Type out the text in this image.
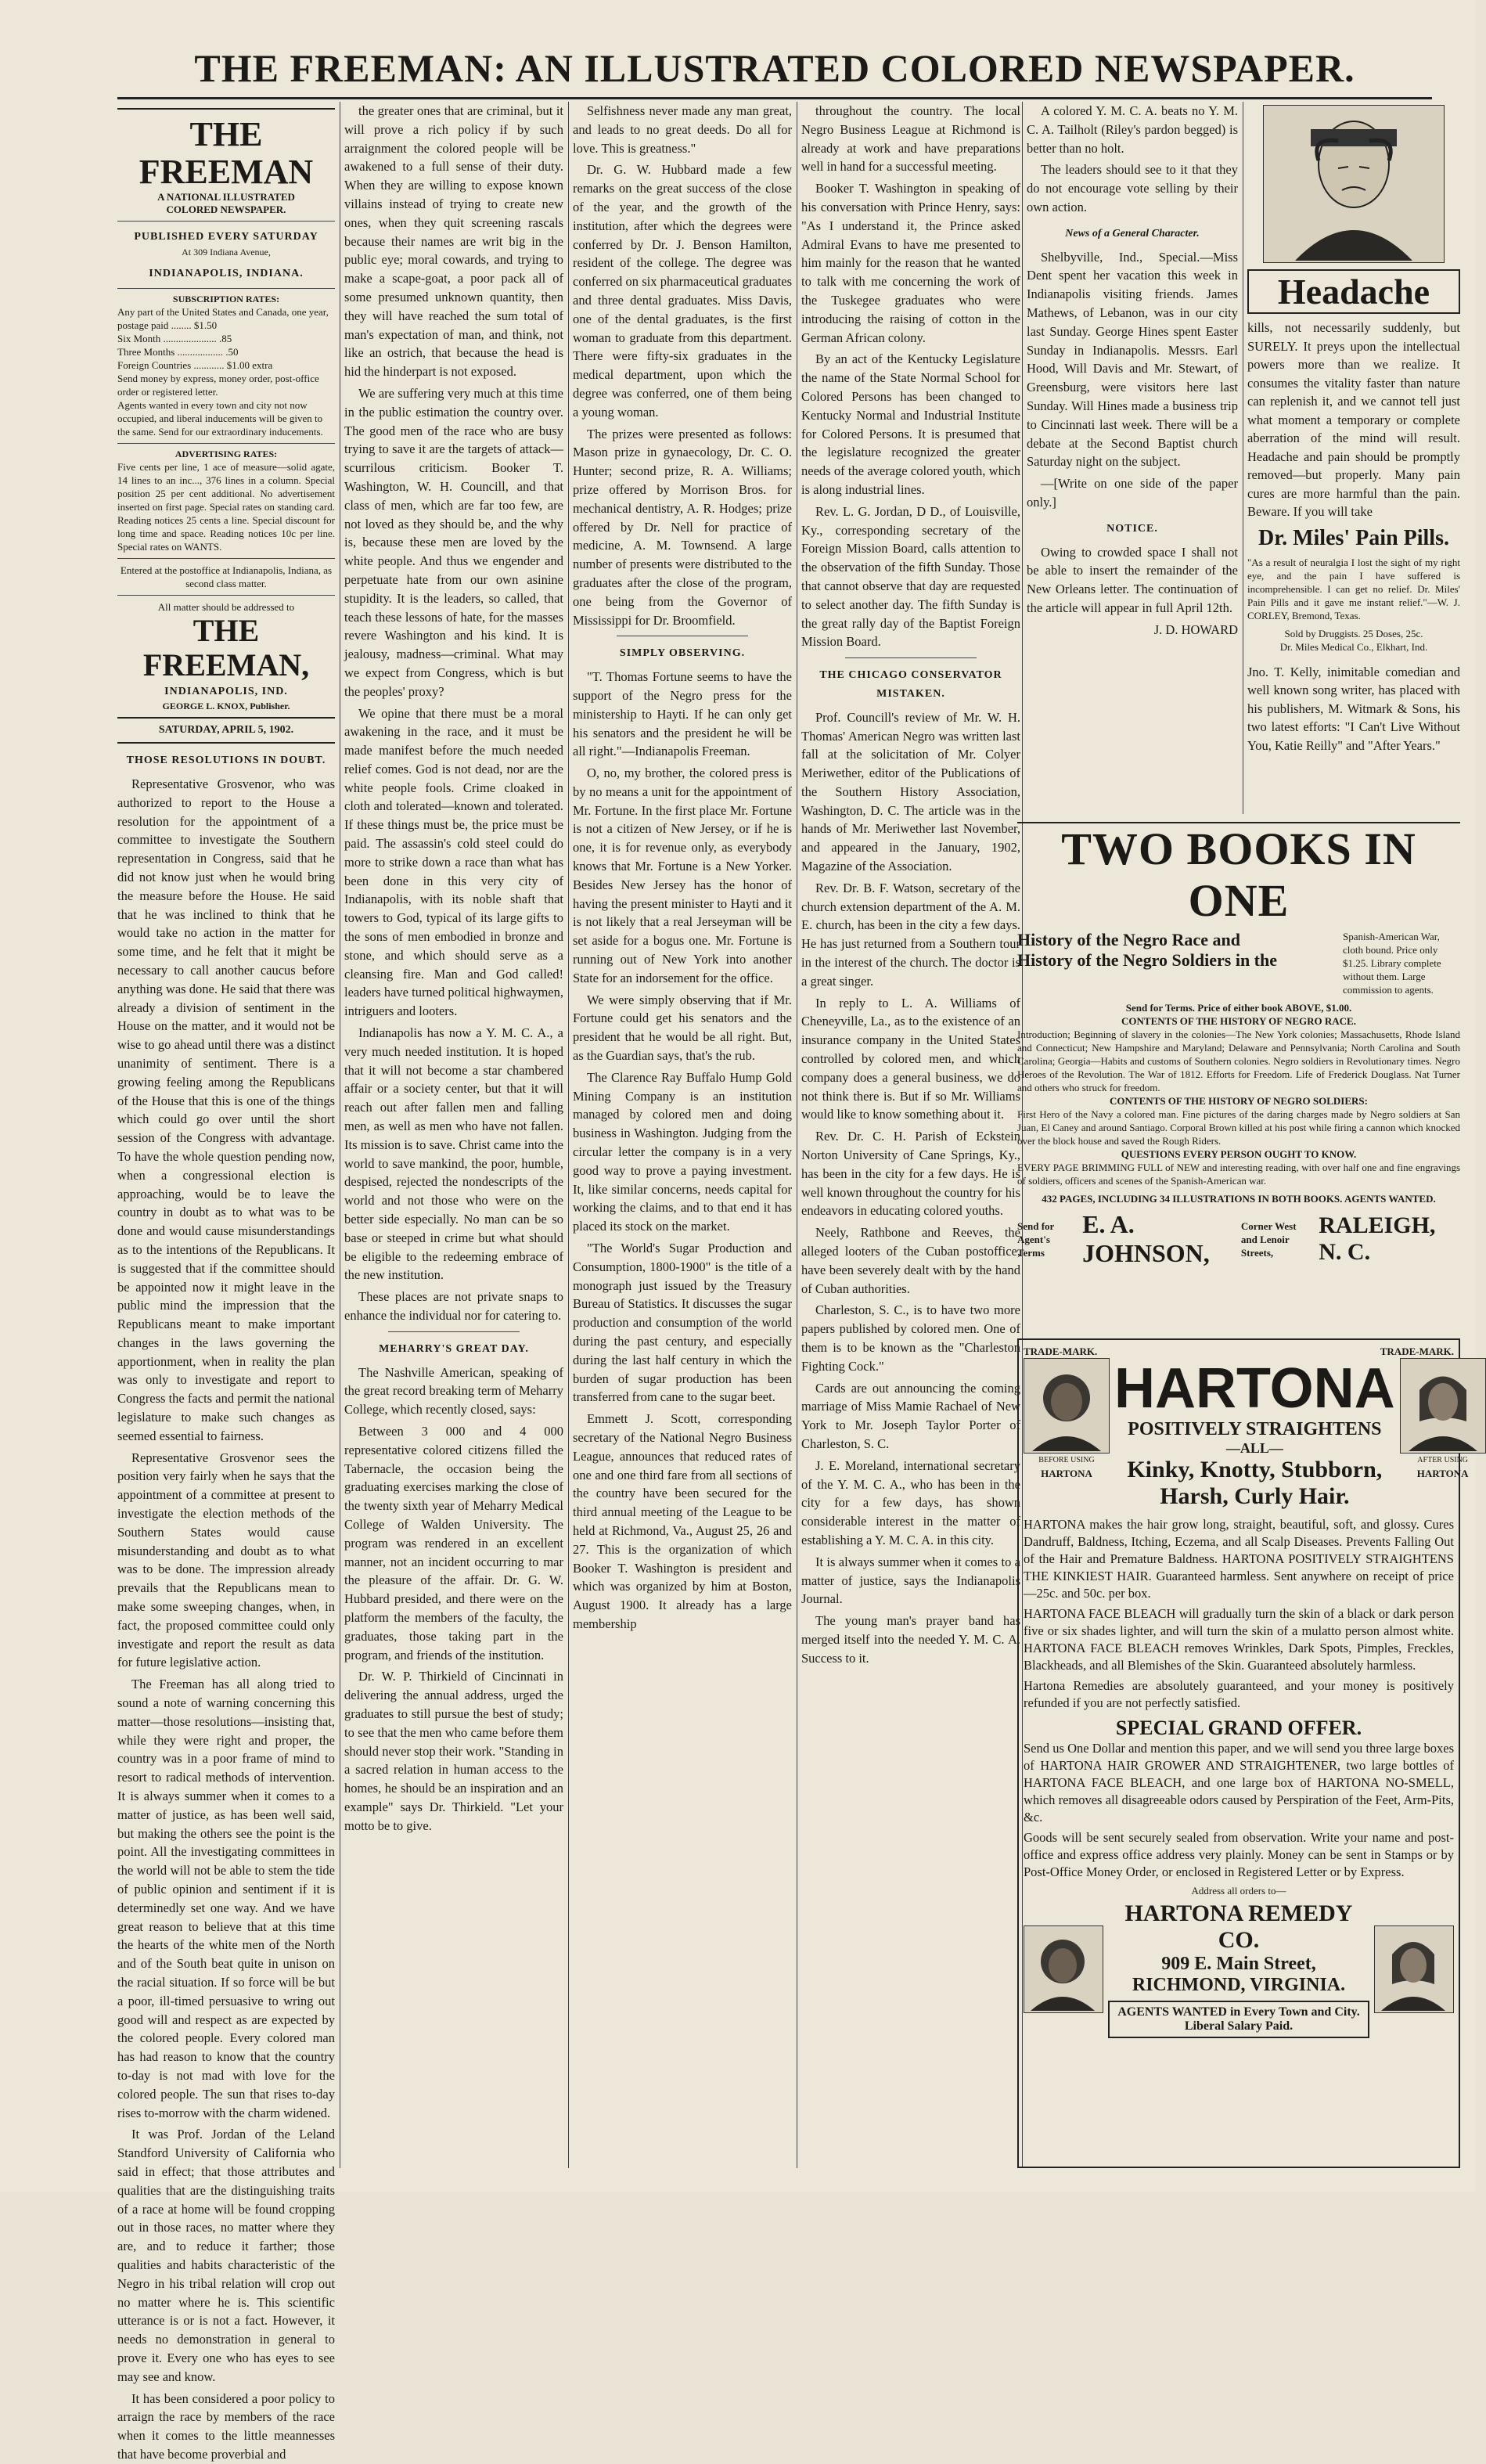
THE FREEMAN: AN ILLUSTRATED COLORED NEWSPAPER.
THE FREEMAN
A NATIONAL ILLUSTRATED
COLORED NEWSPAPER.
PUBLISHED EVERY SATURDAY
At 309 Indiana Avenue,
INDIANAPOLIS, INDIANA.
SUBSCRIPTION RATES:
Any part of the United States and Canada, one year, postage paid ........ $1.50
Six Month ..................... .85
Three Months .................. .50
Foreign Countries ............ $1.00 extra
Send money by express, money order, post-office order or registered letter.
Agents wanted in every town and city not now occupied, and liberal inducements will be given to the same. Send for our extraordinary inducements.
ADVERTISING RATES:
Five cents per line, 1 ace of measure—solid agate, 14 lines to an inc..., 376 lines in a column. Special position 25 per cent additional. No advertisement inserted on first page. Special rates on standing card. Reading notices 25 cents a line. Special discount for long time and space. Reading notices 10c per line. Special rates on WANTS.
Entered at the postoffice at Indianapolis, Indiana, as second class matter.
All matter should be addressed to
THE FREEMAN,
INDIANAPOLIS, IND.
GEORGE L. KNOX, Publisher.
SATURDAY, APRIL 5, 1902.
THOSE RESOLUTIONS IN DOUBT.

Representative Grosvenor, who was authorized to report to the House a resolution for the appointment of a committee to investigate the Southern representation in Congress, said that he did not know just when he would bring the measure before the House. He said that he was inclined to think that he would take no action in the matter for some time, and he felt that it might be necessary to call another caucus before anything was done. He said that there was already a division of sentiment in the House on the matter, and it would not be wise to go ahead until there was a distinct unanimity of sentiment. There is a growing feeling among the Republicans of the House that this is one of the things which could go over until the short session of the Congress with advantage. To have the whole question pending now, when a congressional election is approaching, would be to leave the country in doubt as to what was to be done and would cause misunderstandings as to the intentions of the Republicans. It is suggested that if the committee should be appointed now it might leave in the public mind the impression that the Republicans meant to make important changes in the laws governing the apportionment, when in reality the plan was only to investigate and report to Congress the facts and permit the national legislature to make such changes as seemed essential to fairness.

Representative Grosvenor sees the position very fairly when he says that the appointment of a committee at present to investigate the election methods of the Southern States would cause misunderstanding and doubt as to what was to be done. The impression already prevails that the Republicans mean to make some sweeping changes, when, in fact, the proposed committee could only investigate and report the result as data for future legislative action.

The Freeman has all along tried to sound a note of warning concerning this matter—those resolutions—insisting that, while they were right and proper, the country was in a poor frame of mind to resort to radical methods of intervention. It is always summer when it comes to a matter of justice, as has been well said, but making the others see the point is the point. All the investigating committees in the world will not be able to stem the tide of public opinion and sentiment if it is determinedly set one way. And we have great reason to believe that at this time the hearts of the white men of the North and of the South beat quite in unison on the racial situation. If so force will be but a poor, ill-timed persuasive to wring out good will and respect as are expected by the colored people. Every colored man has had reason to know that the country to-day is not mad with love for the colored people. The sun that rises to-day rises to-morrow with the charm widened.

It was Prof. Jordan of the Leland Standford University of California who said in effect; that those attributes and qualities that are the distinguishing traits of a race at home will be found cropping out in those races, no matter where they are, and to reduce it farther; those qualities and habits characteristic of the Negro in his tribal relation will crop out no matter where he is. This scientific utterance is or is not a fact. However, it needs no demonstration in general to prove it. Every one who has eyes to see may see and know.

It has been considered a poor policy to arraign the race by members of the race when it comes to the little meannesses that have become proverbial and

the greater ones that are criminal, but it will prove a rich policy if by such arraignment the colored people will be awakened to a full sense of their duty. When they are willing to expose known villains instead of trying to create new ones, when they quit screening rascals because their names are writ big in the public eye; moral cowards, and trying to make a scape-goat, a poor pack all of some presumed unknown quantity, then they will have reached the sum total of man's expectation of man, and think, not like an ostrich, that because the head is hid the hinderpart is not exposed.

We are suffering very much at this time in the public estimation the country over. The good men of the race who are busy trying to save it are the targets of attack—scurrilous criticism. Booker T. Washington, W. H. Councill, and that class of men, which are far too few, are not loved as they should be, and the why is, because these men are loved by the white people. And thus we engender and perpetuate hate from our own asinine stupidity. It is the leaders, so called, that teach these lessons of hate, for the masses revere Washington and his kind. It is jealousy, madness—criminal. What may we expect from Congress, which is but the peoples' proxy?

We opine that there must be a moral awakening in the race, and it must be made manifest before the much needed relief comes. God is not dead, nor are the white people fools. Crime cloaked in cloth and tolerated—known and tolerated. If these things must be, the price must be paid. The assassin's cold steel could do more to strike down a race than what has been done in this very city of Indianapolis, with its noble shaft that towers to God, typical of its large gifts to the sons of men embodied in bronze and stone, and which should serve as a cleansing fire. Man and God called! leaders have turned political highwaymen, intriguers and looters.

Indianapolis has now a Y. M. C. A., a very much needed institution. It is hoped that it will not become a star chambered affair or a society center, but that it will reach out after fallen men and falling men, as well as men who have not fallen. Its mission is to save. Christ came into the world to save mankind, the poor, humble, despised, rejected the nondescripts of the world and not those who were on the better side especially. No man can be so base or steeped in crime but what should be eligible to the redeeming embrace of the new institution.

These places are not private snaps to enhance the individual nor for catering to.

MEHARRY'S GREAT DAY.

The Nashville American, speaking of the great record breaking term of Meharry College, which recently closed, says:

Between 3 000 and 4 000 representative colored citizens filled the Tabernacle, the occasion being the graduating exercises marking the close of the twenty sixth year of Meharry Medical College of Walden University. The program was rendered in an excellent manner, not an incident occurring to mar the pleasure of the affair. Dr. G. W. Hubbard presided, and there were on the platform the members of the faculty, the graduates, those taking part in the program, and friends of the institution.

Dr. W. P. Thirkield of Cincinnati in delivering the annual address, urged the graduates to still pursue the best of study; to see that the men who came before them should never stop their work. "Standing in a sacred relation in human access to the homes, he should be an inspiration and an example" says Dr. Thirkield. "Let your motto be to give.

Selfishness never made any man great, and leads to no great deeds. Do all for love. This is greatness."

Dr. G. W. Hubbard made a few remarks on the great success of the close of the year, and the growth of the institution, after which the degrees were conferred by Dr. J. Benson Hamilton, resident of the college. The degree was conferred on six pharmaceutical graduates and three dental graduates. Miss Davis, one of the dental graduates, is the first woman to graduate from this department. There were fifty-six graduates in the medical department, upon which the degree was conferred, one of them being a young woman.

The prizes were presented as follows: Mason prize in gynaecology, Dr. C. O. Hunter; second prize, R. A. Williams; prize offered by Morrison Bros. for mechanical dentistry, A. R. Hodges; prize offered by Dr. Nell for practice of medicine, A. M. Townsend. A large number of presents were distributed to the graduates after the close of the program, one being from the Governor of Mississippi for Dr. Broomfield.

SIMPLY OBSERVING.

"T. Thomas Fortune seems to have the support of the Negro press for the ministership to Hayti. If he can only get his senators and the president he will be all right."—Indianapolis Freeman.

O, no, my brother, the colored press is by no means a unit for the appointment of Mr. Fortune. In the first place Mr. Fortune is not a citizen of New Jersey, or if he is one, it is for revenue only, as everybody knows that Mr. Fortune is a New Yorker. Besides New Jersey has the honor of having the present minister to Hayti and it is not likely that a real Jerseyman will be set aside for a bogus one. Mr. Fortune is running out of New York into another State for an indorsement for the office.

We were simply observing that if Mr. Fortune could get his senators and the president that he would be all right. But, as the Guardian says, that's the rub.

The Clarence Ray Buffalo Hump Gold Mining Company is an institution managed by colored men and doing business in Washington. Judging from the circular letter the company is in a very good way to prove a paying investment. It, like similar concerns, needs capital for working the claims, and to that end it has placed its stock on the market.

"The World's Sugar Production and Consumption, 1800-1900" is the title of a monograph just issued by the Treasury Bureau of Statistics. It discusses the sugar production and consumption of the world during the past century, and especially during the last half century in which the burden of sugar production has been transferred from cane to the sugar beet.

Emmett J. Scott, corresponding secretary of the National Negro Business League, announces that reduced rates of one and one third fare from all sections of the country have been secured for the third annual meeting of the League to be held at Richmond, Va., August 25, 26 and 27. This is the organization of which Booker T. Washington is president and which was organized by him at Boston, August 1900. It already has a large membership

throughout the country. The local Negro Business League at Richmond is already at work and have preparations well in hand for a successful meeting.

Booker T. Washington in speaking of his conversation with Prince Henry, says: "As I understand it, the Prince asked Admiral Evans to have me presented to him mainly for the reason that he wanted to talk with me concerning the work of the Tuskegee graduates who were introducing the raising of cotton in the German African colony.

By an act of the Kentucky Legislature the name of the State Normal School for Colored Persons has been changed to Kentucky Normal and Industrial Institute for Colored Persons. It is presumed that the legislature recognized the greater needs of the average colored youth, which is along industrial lines.

Rev. L. G. Jordan, D D., of Louisville, Ky., corresponding secretary of the Foreign Mission Board, calls attention to the observation of the fifth Sunday. Those that cannot observe that day are requested to select another day. The fifth Sunday is the great rally day of the Baptist Foreign Mission Board.

THE CHICAGO CONSERVATOR MISTAKEN.

Prof. Councill's review of Mr. W. H. Thomas' American Negro was written last fall at the solicitation of Mr. Colyer Meriwether, editor of the Publications of the Southern History Association, Washington, D. C. The article was in the hands of Mr. Meriwether last November, and appeared in the January, 1902, Magazine of the Association.

Rev. Dr. B. F. Watson, secretary of the church extension department of the A. M. E. church, has been in the city a few days. He has just returned from a Southern tour in the interest of the church. The doctor is a great singer.

In reply to L. A. Williams of Cheneyville, La., as to the existence of an insurance company in the United States controlled by colored men, and which company does a general business, we do not think there is. But if so Mr. Williams would like to know something about it.

Rev. Dr. C. H. Parish of Eckstein Norton University of Cane Springs, Ky., has been in the city for a few days. He is well known throughout the country for his endeavors in educating colored youths.

Neely, Rathbone and Reeves, the alleged looters of the Cuban postoffice, have been severely dealt with by the hand of Cuban authorities.

Charleston, S. C., is to have two more papers published by colored men. One of them is to be known as the "Charleston Fighting Cock."

Cards are out announcing the coming marriage of Miss Mamie Rachael of New York to Mr. Joseph Taylor Porter of Charleston, S. C.

J. E. Moreland, international secretary of the Y. M. C. A., who has been in the city for a few days, has shown considerable interest in the matter of establishing a Y. M. C. A. in this city.

It is always summer when it comes to a matter of justice, says the Indianapolis Journal.

The young man's prayer band has merged itself into the needed Y. M. C. A. Success to it.

A colored Y. M. C. A. beats no Y. M. C. A. Tailholt (Riley's pardon begged) is better than no holt.

The leaders should see to it that they do not encourage vote selling by their own action.

News of a General Character.

Shelbyville, Ind., Special.—Miss Dent spent her vacation this week in Indianapolis visiting friends. James Mathews, of Lebanon, was in our city last Sunday. George Hines spent Easter Sunday in Indianapolis. Messrs. Earl Hood, Will Davis and Mr. Stewart, of Greensburg, were visitors here last Sunday. Will Hines made a business trip to Cincinnati last week. There will be a debate at the Second Baptist church Saturday night on the subject.

—[Write on one side of the paper only.]

NOTICE.

Owing to crowded space I shall not be able to insert the remainder of the New Orleans letter. The continuation of the article will appear in full April 12th.

J. D. HOWARD
Headache
kills, not necessarily suddenly, but SURELY. It preys upon the intellectual powers more than we realize. It consumes the vitality faster than nature can replenish it, and we cannot tell just what moment a temporary or complete aberration of the mind will result. Headache and pain should be promptly removed—but properly. Many pain cures are more harmful than the pain. Beware. If you will take
Dr. Miles' Pain Pills.
"As a result of neuralgia I lost the sight of my right eye, and the pain I have suffered is incomprehensible. I can get no relief. Dr. Miles' Pain Pills and it gave me instant relief."—W. J. CORLEY, Bremond, Texas.
Sold by Druggists. 25 Doses, 25c.
Dr. Miles Medical Co., Elkhart, Ind.
Jno. T. Kelly, inimitable comedian and well known song writer, has placed with his publishers, M. Witmark & Sons, his two latest efforts: "I Can't Live Without You, Katie Reilly" and "After Years."
TWO BOOKS IN ONE
History of the Negro Race and
History of the Negro Soldiers in the
Spanish-American War, cloth bound. Price only $1.25. Library complete without them. Large commission to agents.
Send for Terms. Price of either book ABOVE, $1.00.
CONTENTS OF THE HISTORY OF NEGRO RACE.
Introduction; Beginning of slavery in the colonies—The New York colonies; Massachusetts, Rhode Island and Connecticut; New Hampshire and Maryland; Delaware and Pennsylvania; North Carolina and South Carolina; Georgia—Habits and customs of Southern colonies. Negro soldiers in Revolutionary times. Negro Heroes of the Revolution. The War of 1812. Efforts for Freedom. Life of Frederick Douglass. Nat Turner and others who struck for freedom.
CONTENTS OF THE HISTORY OF NEGRO SOLDIERS:
First Hero of the Navy a colored man. Fine pictures of the daring charges made by Negro soldiers at San Juan, El Caney and around Santiago. Corporal Brown killed at his post while firing a cannon which knocked over the block house and saved the Rough Riders.
QUESTIONS EVERY PERSON OUGHT TO KNOW.
EVERY PAGE BRIMMING FULL of NEW and interesting reading, with over half one and fine engravings of soldiers, officers and scenes of the Spanish-American war.
432 PAGES, INCLUDING 34 ILLUSTRATIONS IN BOTH BOOKS. AGENTS WANTED.
Send for Agent's Terms
E. A. JOHNSON,
Corner West and Lenoir Streets,
RALEIGH, N. C.
TRADE-MARK.	TRADE-MARK.
BEFORE USING
HARTONA
HARTONA
POSITIVELY STRAIGHTENS
—ALL—
Kinky, Knotty, Stubborn,
Harsh, Curly Hair.
AFTER USING
HARTONA
HARTONA makes the hair grow long, straight, beautiful, soft, and glossy. Cures Dandruff, Baldness, Itching, Eczema, and all Scalp Diseases. Prevents Falling Out of the Hair and Premature Baldness. HARTONA POSITIVELY STRAIGHTENS THE KINKIEST HAIR. Guaranteed harmless. Sent anywhere on receipt of price—25c. and 50c. per box.
HARTONA FACE BLEACH will gradually turn the skin of a black or dark person five or six shades lighter, and will turn the skin of a mulatto person almost white. HARTONA FACE BLEACH removes Wrinkles, Dark Spots, Pimples, Freckles, Blackheads, and all Blemishes of the Skin. Guaranteed absolutely harmless.
Hartona Remedies are absolutely guaranteed, and your money is positively refunded if you are not perfectly satisfied.
SPECIAL GRAND OFFER.
Send us One Dollar and mention this paper, and we will send you three large boxes of HARTONA HAIR GROWER AND STRAIGHTENER, two large bottles of HARTONA FACE BLEACH, and one large box of HARTONA NO-SMELL, which removes all disagreeable odors caused by Perspiration of the Feet, Arm-Pits, &c.
Goods will be sent securely sealed from observation. Write your name and post-office and express office address very plainly. Money can be sent in Stamps or by Post-Office Money Order, or enclosed in Registered Letter or by Express.
Address all orders to—
HARTONA REMEDY CO.
909 E. Main Street,
RICHMOND, VIRGINIA.
AGENTS WANTED in Every Town and City. Liberal Salary Paid.
